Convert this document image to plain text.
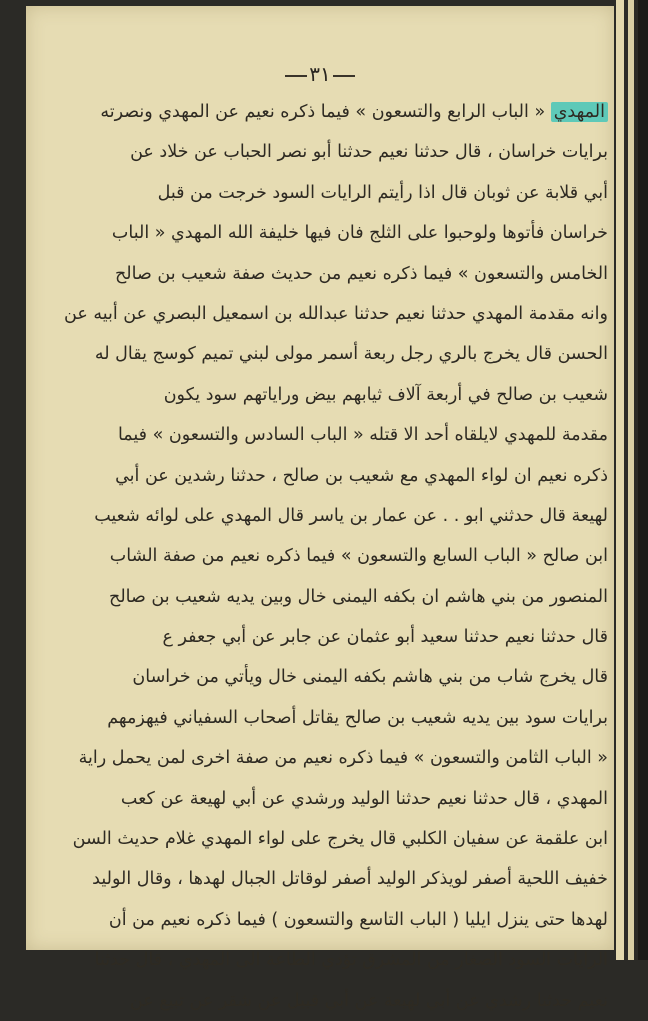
٣١
المهدي « الباب الرابع والتسعون » فيما ذكره نعيم عن المهدي ونصرته
برايات خراسان ، قال حدثنا نعيم حدثنا أبو نصر الحباب عن خلاد عن
أبي قلابة عن ثوبان قال اذا رأيتم الرايات السود خرجت من قبل
خراسان فأتوها ولوحبوا على الثلج فان فيها خليفة الله المهدي « الباب
الخامس والتسعون » فيما ذكره نعيم من حديث صفة شعيب بن صالح
وانه مقدمة المهدي حدثنا نعيم حدثنا عبدالله بن اسمعيل البصري عن أبيه عن
الحسن قال يخرج بالري رجل ربعة أسمر مولى لبني تميم كوسج يقال له
شعيب بن صالح في أربعة آلاف ثيابهم بيض وراياتهم سود يكون
مقدمة للمهدي لايلقاه أحد الا قتله « الباب السادس والتسعون » فيما
ذكره نعيم ان لواء المهدي مع شعيب بن صالح ، حدثنا رشدين عن أبي
لهيعة قال حدثني ابو . . عن عمار بن ياسر قال المهدي على لوائه شعيب
ابن صالح « الباب السابع والتسعون » فيما ذكره نعيم من صفة الشاب
المنصور من بني هاشم ان بكفه اليمنى خال وبين يديه شعيب بن صالح
قال حدثنا نعيم حدثنا سعيد أبو عثمان عن جابر عن أبي جعفر ع
قال يخرج شاب من بني هاشم بكفه اليمنى خال ويأتي من خراسان
برايات سود بين يديه شعيب بن صالح يقاتل أصحاب السفياني فيهزمهم
« الباب الثامن والتسعون » فيما ذكره نعيم من صفة اخرى لمن يحمل راية
المهدي ، قال حدثنا نعيم حدثنا الوليد ورشدي عن أبي لهيعة عن كعب
ابن علقمة عن سفيان الكلبي قال يخرج على لواء المهدي غلام حديث السن
خفيف اللحية أصفر لويذكر الوليد أصفر لوقاتل الجبال لهدها ، وقال الوليد
لهدها حتى ينزل ايليا ( الباب التاسع والتسعون ) فيما ذكره نعيم من أن
الرايات السود الصغار من المشرق تؤدي الطاعة الى المهدي ، قال حدثنا
نعيم حدثنا رشدي عن أبي لهيعة عن أبي قبيل عن شقر عن تبيع عن
